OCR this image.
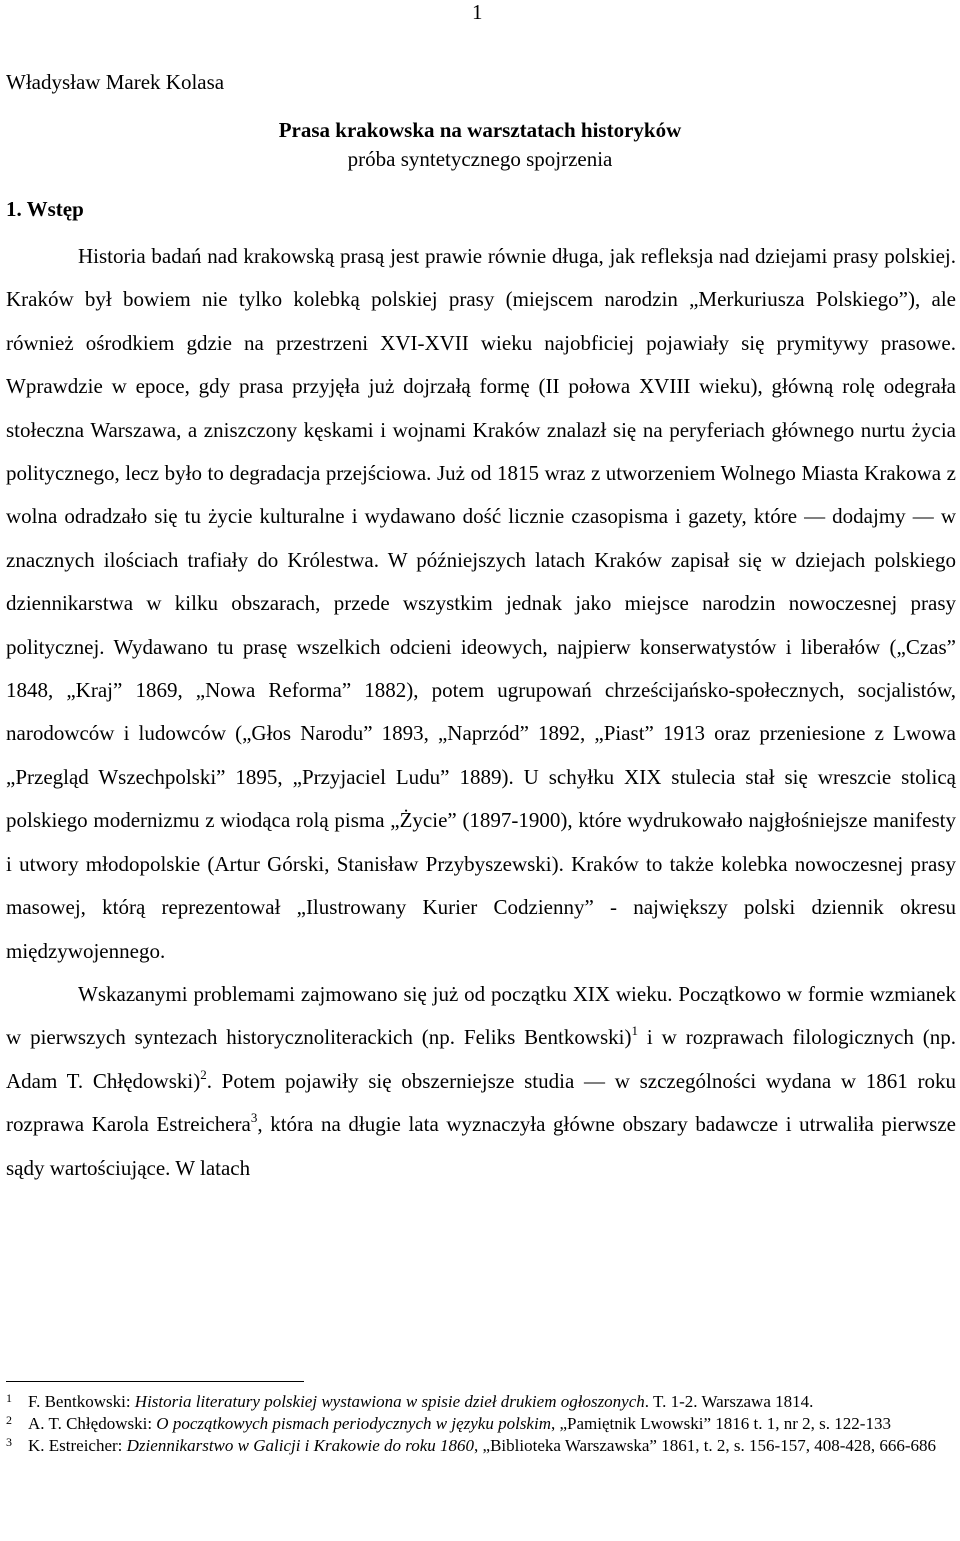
1
Władysław Marek Kolasa
Prasa krakowska na warsztatach historyków
próba syntetycznego spojrzenia
1. Wstęp

Historia badań nad krakowską prasą jest prawie równie długa, jak refleksja nad dziejami prasy polskiej. Kraków był bowiem nie tylko kolebką polskiej prasy (miejscem narodzin „Merkuriusza Polskiego”), ale również ośrodkiem gdzie na przestrzeni XVI-XVII wieku najobficiej pojawiały się prymitywy prasowe. Wprawdzie w epoce, gdy prasa przyjęła już dojrzałą formę (II połowa XVIII wieku), główną rolę odegrała stołeczna Warszawa, a zniszczony kęskami i wojnami Kraków znalazł się na peryferiach głównego nurtu życia politycznego, lecz było to degradacja przejściowa. Już od 1815 wraz z utworzeniem Wolnego Miasta Krakowa z wolna odradzało się tu życie kulturalne i wydawano dość licznie czasopisma i gazety, które — dodajmy — w znacznych ilościach trafiały do Królestwa. W późniejszych latach Kraków zapisał się w dziejach polskiego dziennikarstwa w kilku obszarach, przede wszystkim jednak jako miejsce narodzin nowoczesnej prasy politycznej. Wydawano tu prasę wszelkich odcieni ideowych, najpierw konserwatystów i liberałów („Czas” 1848, „Kraj” 1869, „Nowa Reforma” 1882), potem ugrupowań chrześcijańsko-społecznych, socjalistów, narodowców i ludowców („Głos Narodu” 1893, „Naprzód” 1892, „Piast” 1913 oraz przeniesione z Lwowa „Przegląd Wszechpolski” 1895, „Przyjaciel Ludu” 1889). U schyłku XIX stulecia stał się wreszcie stolicą polskiego modernizmu z wiodąca rolą pisma „Życie” (1897-1900), które wydrukowało najgłośniejsze manifesty i utwory młodopolskie (Artur Górski, Stanisław Przybyszewski). Kraków to także kolebka nowoczesnej prasy masowej, którą reprezentował „Ilustrowany Kurier Codzienny” - największy polski dziennik okresu międzywojennego.

Wskazanymi problemami zajmowano się już od początku XIX wieku. Początkowo w formie wzmianek w pierwszych syntezach historycznoliterackich (np. Feliks Bentkowski)$^1$ i w rozprawach filologicznych (np. Adam T. Chłędowski)$^2$. Potem pojawiły się obszerniejsze studia — w szczególności wydana w 1861 roku rozprawa Karola Estreichera$^3$, która na długie lata wyznaczyła główne obszary badawcze i utrwaliła pierwsze sądy wartościujące. W latach

1 F. Bentkowski: Historia literatury polskiej wystawiona w spisie dzieł drukiem ogłoszonych. T. 1-2. Warszawa 1814.
2 A. T. Chłędowski: O początkowych pismach periodycznych w języku polskim, „Pamiętnik Lwowski” 1816 t. 1, nr 2, s. 122-133
3 K. Estreicher: Dziennikarstwo w Galicji i Krakowie do roku 1860, „Biblioteka Warszawska” 1861, t. 2, s. 156-157, 408-428, 666-686
